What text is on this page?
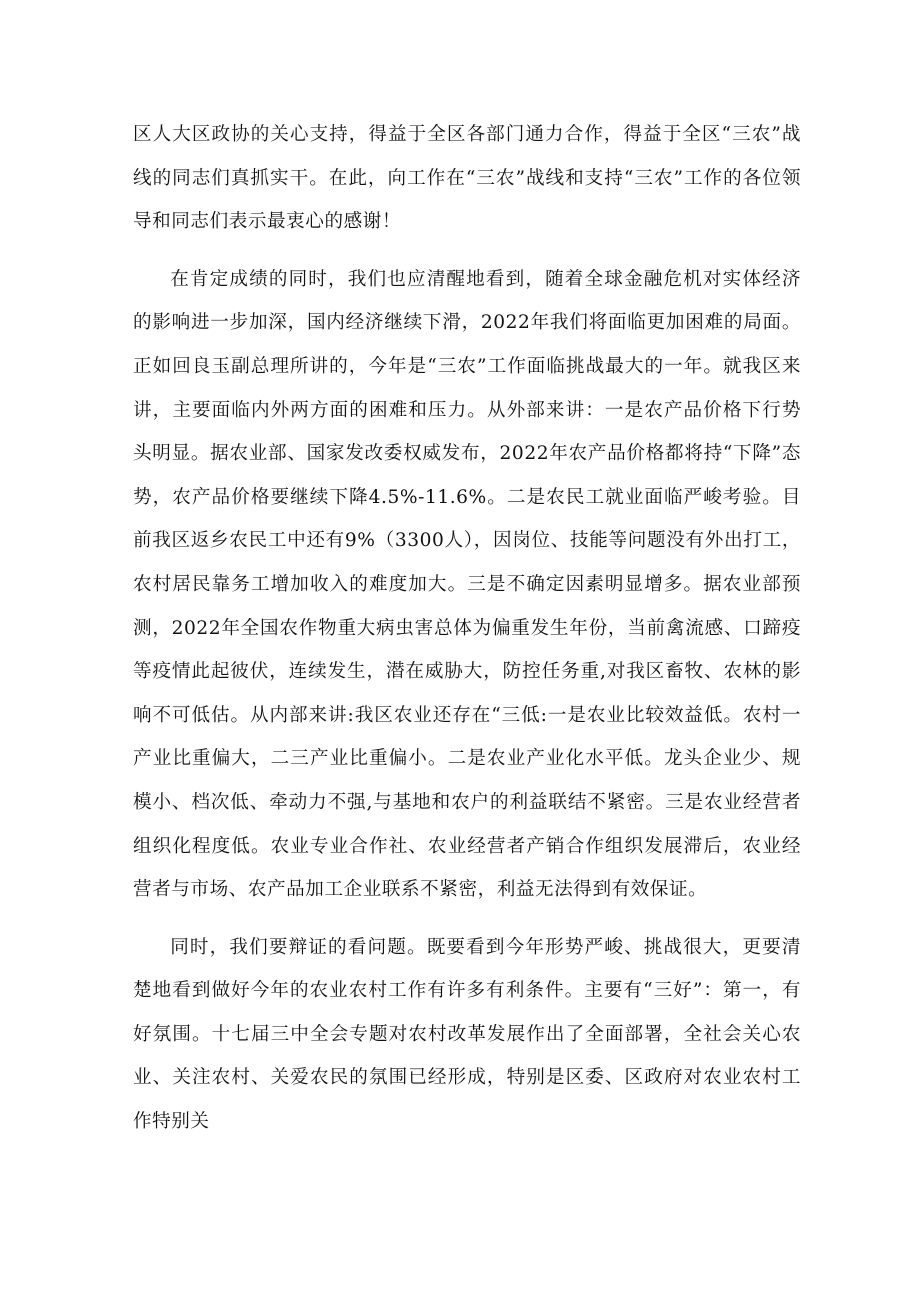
区人大区政协的关心支持，得益于全区各部门通力合作，得益于全区“三农”战线的同志们真抓实干。在此，向工作在“三农”战线和支持“三农”工作的各位领导和同志们表示最衷心的感谢！

在肯定成绩的同时，我们也应清醒地看到，随着全球金融危机对实体经济的影响进一步加深，国内经济继续下滑，2022年我们将面临更加困难的局面。正如回良玉副总理所讲的，今年是“三农”工作面临挑战最大的一年。就我区来讲，主要面临内外两方面的困难和压力。从外部来讲：一是农产品价格下行势头明显。据农业部、国家发改委权威发布，2022年农产品价格都将持“下降”态势，农产品价格要继续下降4.5%-11.6%。二是农民工就业面临严峻考验。目前我区返乡农民工中还有9%（3300人），因岗位、技能等问题没有外出打工，农村居民靠务工增加收入的难度加大。三是不确定因素明显增多。据农业部预测，2022年全国农作物重大病虫害总体为偏重发生年份，当前禽流感、口蹄疫等疫情此起彼伏，连续发生，潜在威胁大，防控任务重,对我区畜牧、农林的影响不可低估。从内部来讲:我区农业还存在“三低:一是农业比较效益低。农村一产业比重偏大，二三产业比重偏小。二是农业产业化水平低。龙头企业少、规模小、档次低、牵动力不强,与基地和农户的利益联结不紧密。三是农业经营者组织化程度低。农业专业合作社、农业经营者产销合作组织发展滞后，农业经营者与市场、农产品加工企业联系不紧密，利益无法得到有效保证。

同时，我们要辩证的看问题。既要看到今年形势严峻、挑战很大，更要清楚地看到做好今年的农业农村工作有许多有利条件。主要有“三好”：第一，有好氛围。十七届三中全会专题对农村改革发展作出了全面部署，全社会关心农业、关注农村、关爱农民的氛围已经形成，特别是区委、区政府对农业农村工作特别关
